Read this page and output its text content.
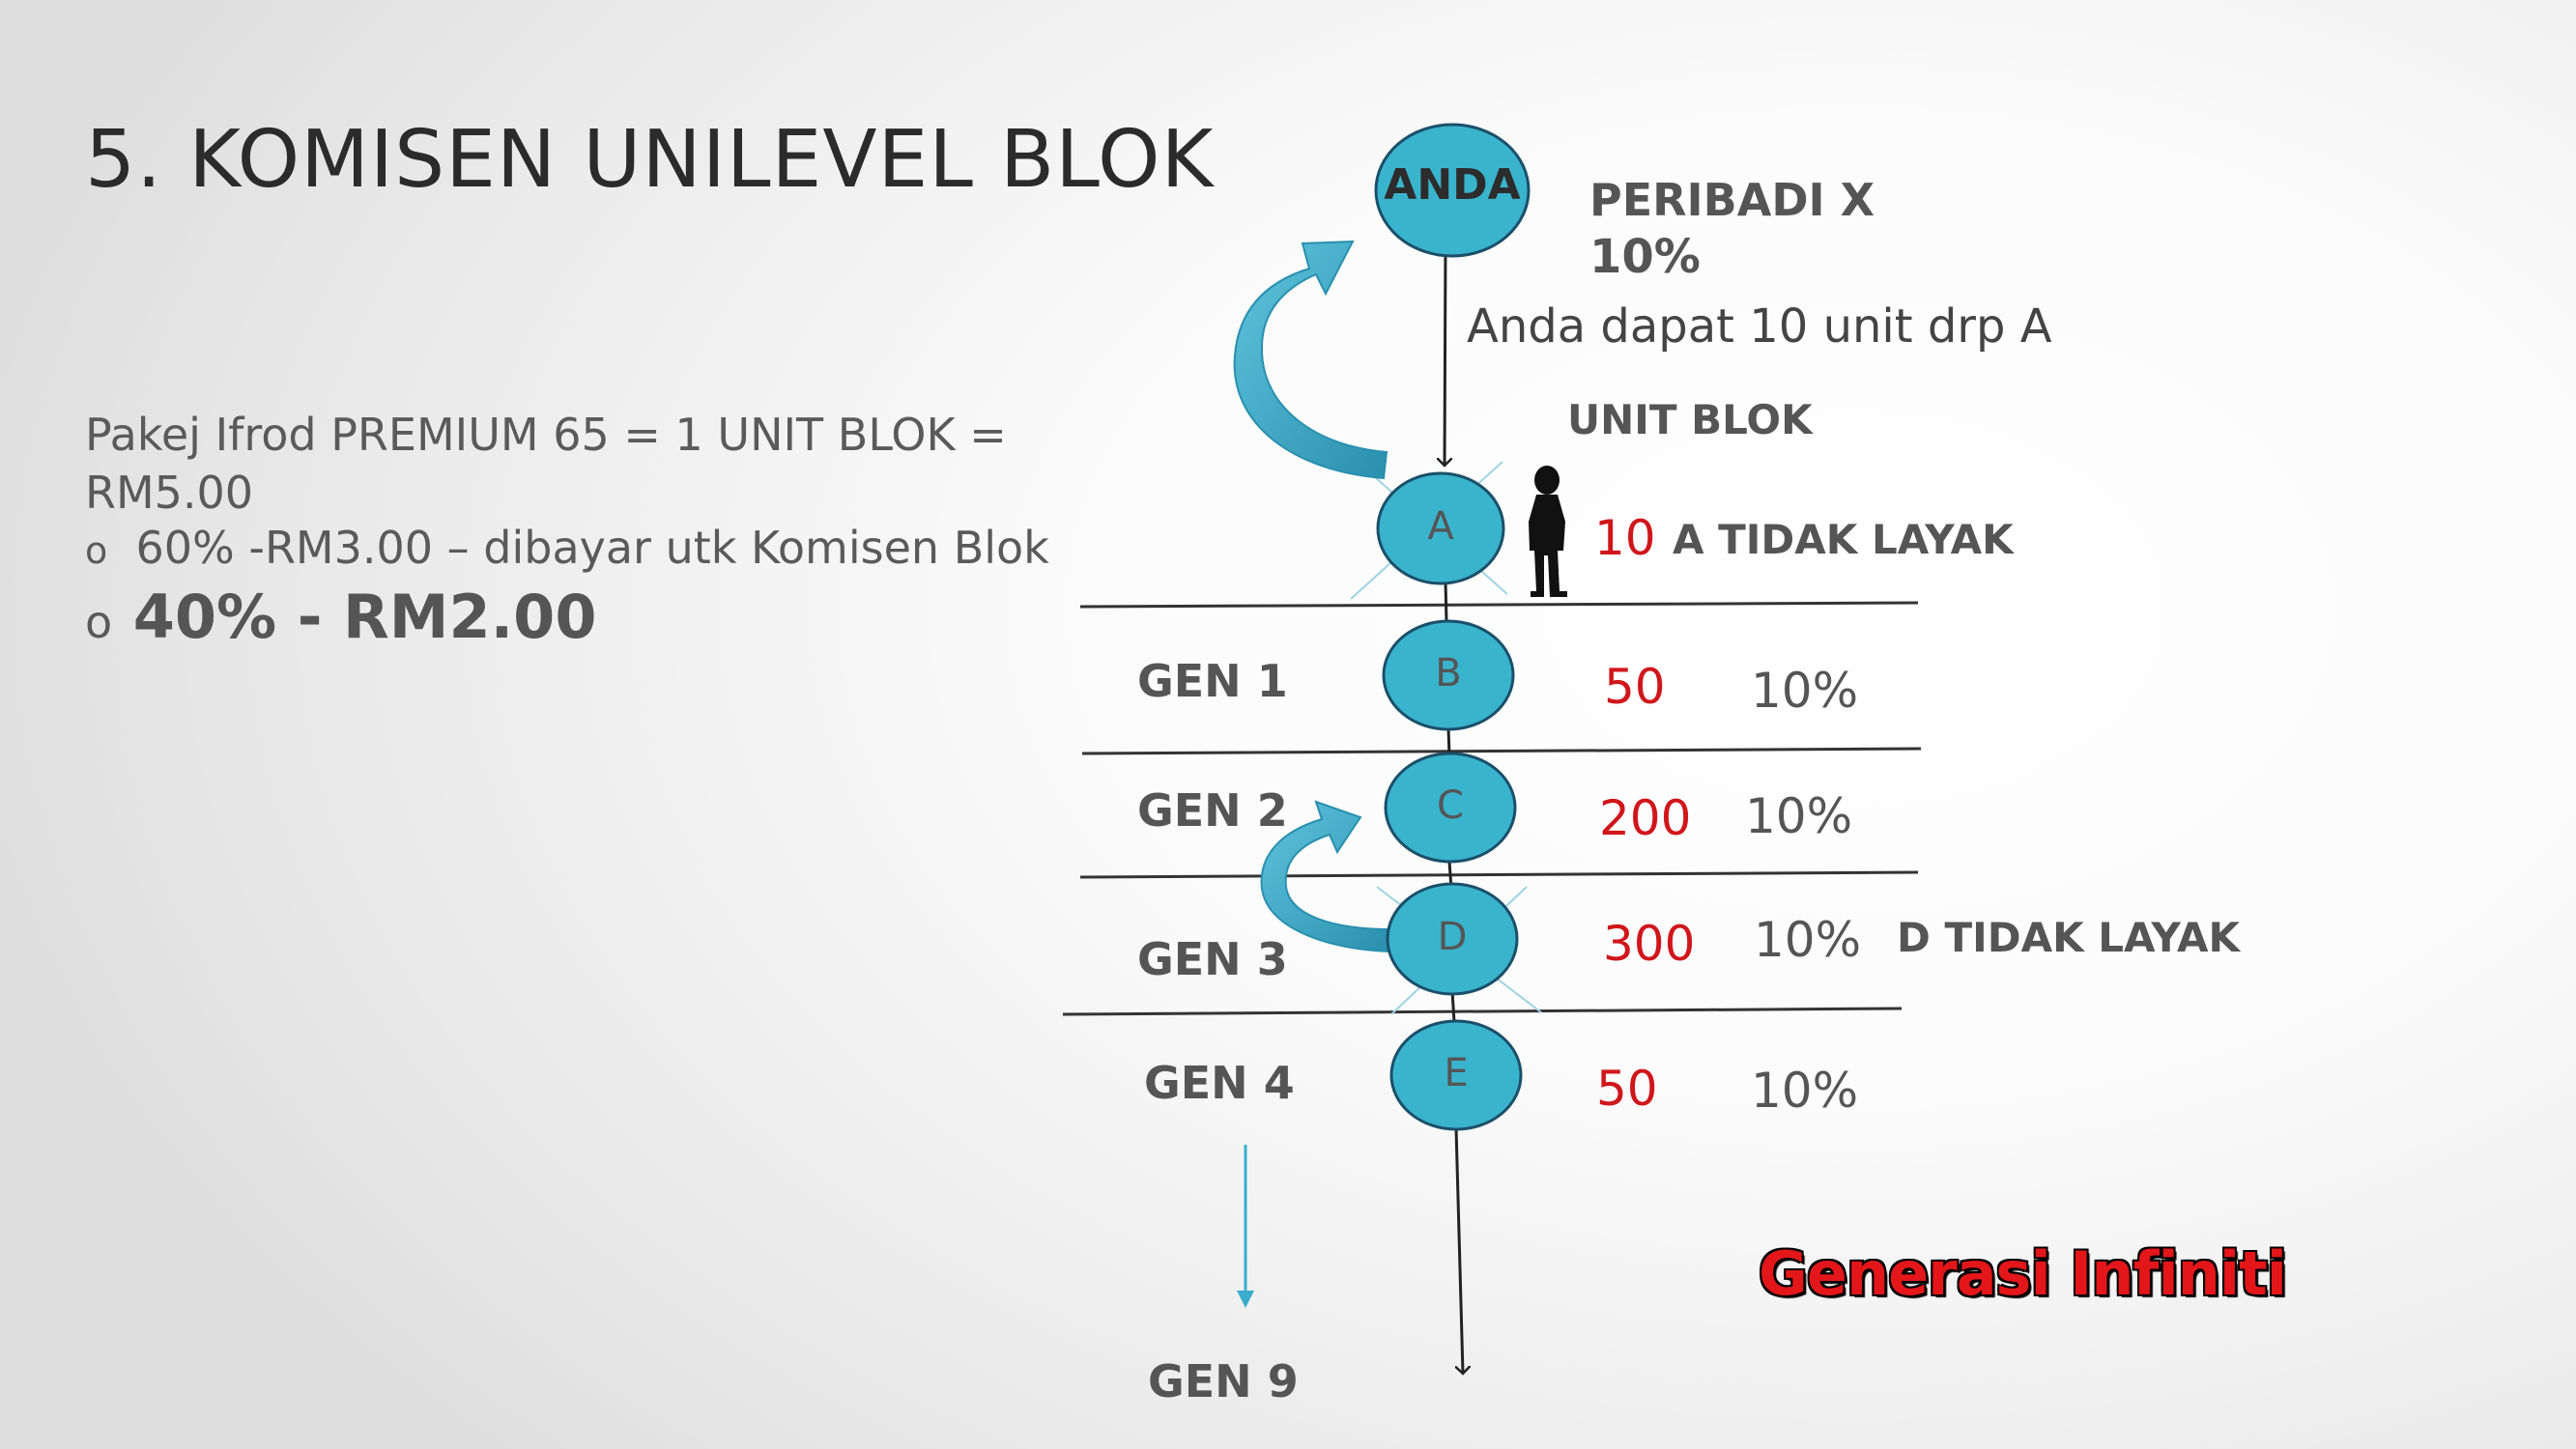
5. KOMISEN UNILEVEL BLOK
Pakej Ifrod PREMIUM 65 = 1 UNIT BLOK = RM5.00
o 60% -RM3.00 – dibayar utk Komisen Blok
o 40% - RM2.00
ANDA
A
B
C
D
E
PERIBADI X
10%
Anda dapat 10 unit drp A
UNIT BLOK
10 A TIDAK LAYAK
GEN 1	50 10%
GEN 2	200 10%
GEN 3	300 10% D TIDAK LAYAK
GEN 4	50 10%
GEN 9
Generasi Infiniti
